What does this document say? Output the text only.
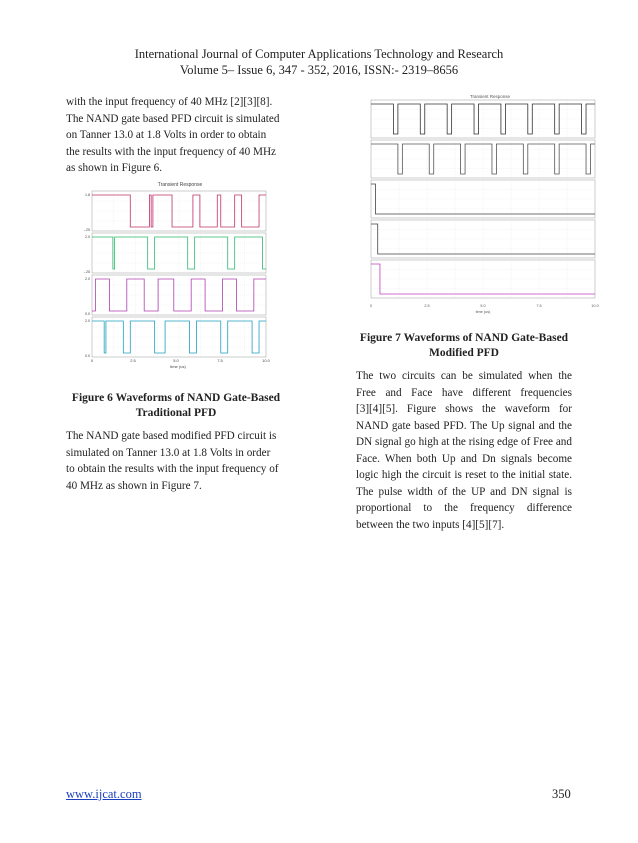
International Journal of Computer Applications Technology and Research
Volume 5– Issue 6, 347 - 352, 2016, ISSN:- 2319–8656

with the input frequency of 40 MHz [2][3][8].

The NAND gate based PFD circuit is simulated

on Tanner 13.0 at 1.8 Volts in order to obtain

the results with the input frequency of 40 MHz

as shown in Figure 6.

Transient Response
1.8
-.25
2.0
-.25
2.0
0.0
2.0
0.0
0	2.5	5.0	7.5	10.0
time (us)
Figure 6 Waveforms of NAND Gate-Based
Traditional PFD

The NAND gate based modified PFD circuit is

simulated on Tanner 13.0 at 1.8 Volts in order

to obtain the results with the input frequency of

40 MHz as shown in Figure 7.

Transient Response
0	2.5	5.0	7.5	10.0
time (us)
Figure 7 Waveforms of NAND Gate-Based
Modified PFD

The two circuits can be simulated when the

Free and Face have different frequencies

[3][4][5]. Figure shows the waveform for

NAND gate based PFD. The Up signal and the

DN signal go high at the rising edge of Free and

Face. When both Up and Dn signals become

logic high the circuit is reset to the initial state.

The pulse width of the UP and DN signal is

proportional to the frequency difference

between the two inputs [4][5][7].

www.ijcat.com	350
